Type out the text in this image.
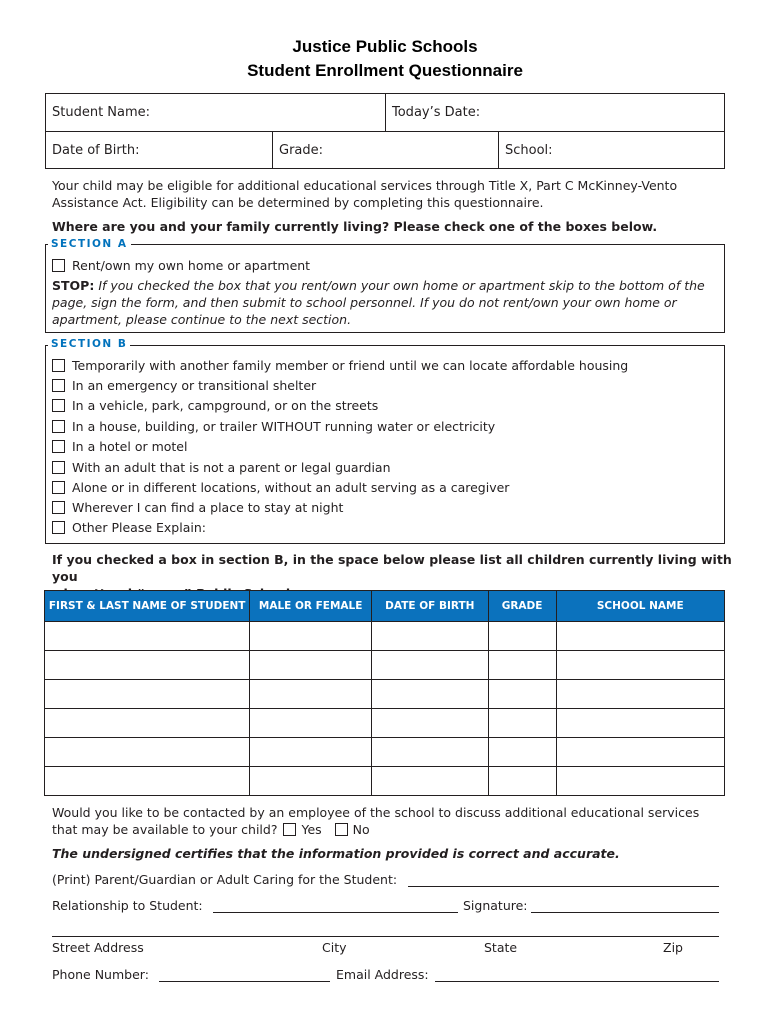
Justice Public Schools
Student Enrollment Questionnaire
Student Name:	Today’s Date:
Date of Birth:	Grade:	School:
Your child may be eligible for additional educational services through Title X, Part C McKinney-Vento
Assistance Act. Eligibility can be determined by completing this questionnaire.
Where are you and your family currently living? Please check one of the boxes below.
SECTION A
Rent/own my own home or apartment
STOP: If you checked the box that you rent/own your own home or apartment skip to the bottom of the
page, sign the form, and then submit to school personnel. If you do not rent/own your own home or
apartment, please continue to the next section.
SECTION B
Temporarily with another family member or friend until we can locate affordable housing
In an emergency or transitional shelter
In a vehicle, park, campground, or on the streets
In a house, building, or trailer WITHOUT running water or electricity
In a hotel or motel
With an adult that is not a parent or legal guardian
Alone or in different locations, without an adult serving as a caregiver
Wherever I can find a place to stay at night
Other Please Explain:
If you checked a box in section B, in the space below please list all children currently living with you
FIRST & LAST NAME OF STUDENT	MALE OR FEMALE	DATE OF BIRTH	GRADE	SCHOOL NAME

Would you like to be contacted by an employee of the school to discuss additional educational services
that may be available to your child? Yes No
The undersigned certifies that the information provided is correct and accurate.
(Print) Parent/Guardian or Adult Caring for the Student:
Relationship to Student:	Signature:
Street Address	City	State	Zip
Phone Number:	Email Address:
